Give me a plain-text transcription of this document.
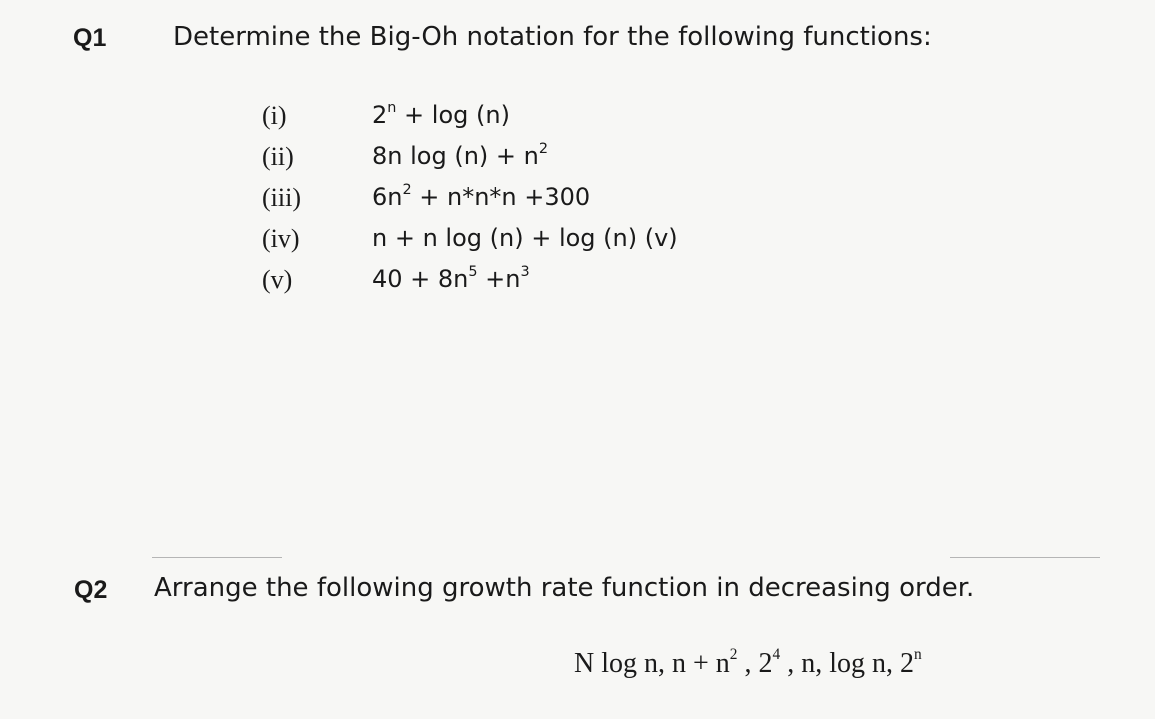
Q1	Determine the Big-Oh notation for the following functions:
(i)	$2^n + \log (n)$
(ii)	8n $\log (n) + n^2$
(iii)	$6n^2 + n*n*n +300$
(iv)	n + n log (n) + log (n) (v)
(v)	$40 + 8n^5 +n^3$
Q2 Arrange the following growth rate function in decreasing order.
N log n, $n + n^2$ , $2^4$ , n, log n, 2$^n$
